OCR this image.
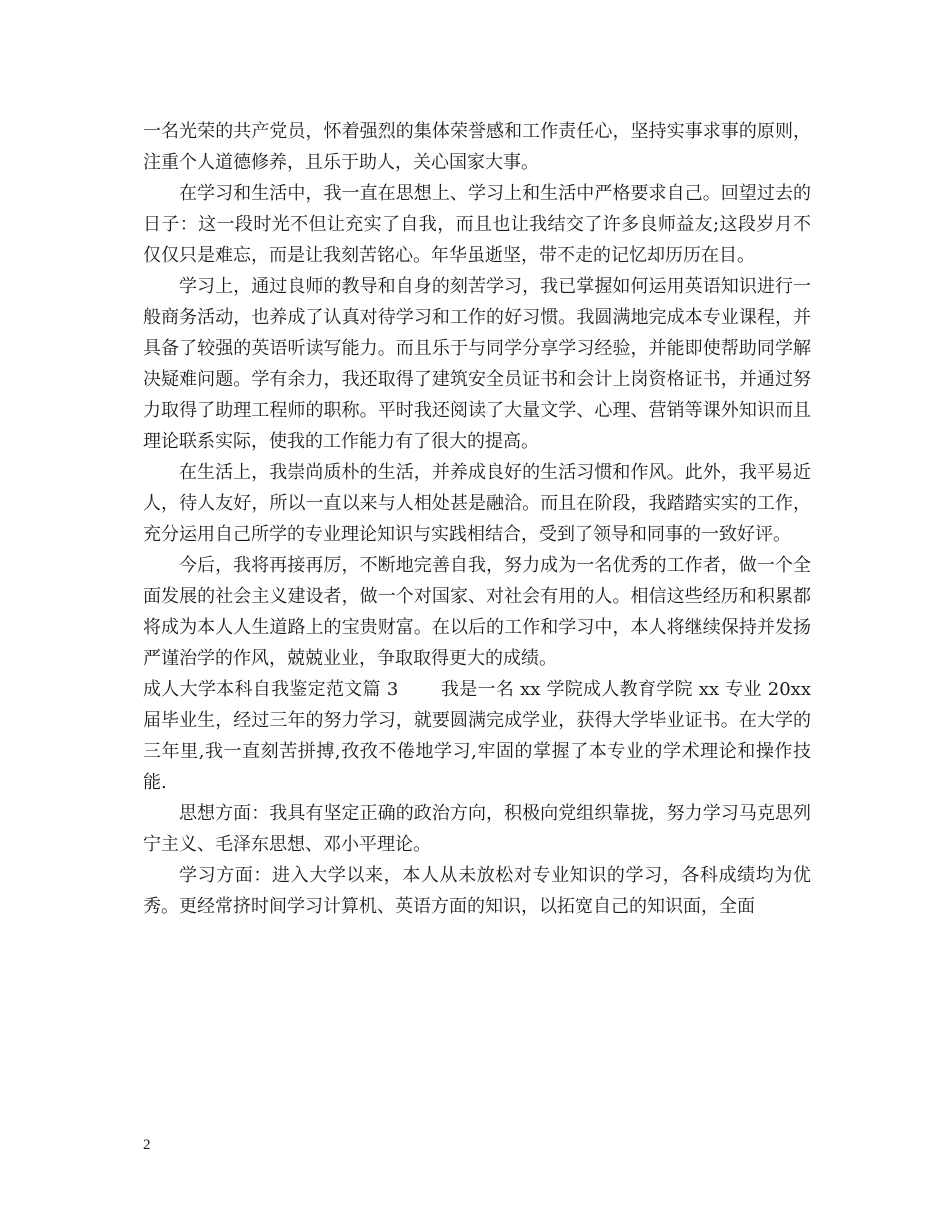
一名光荣的共产党员，怀着强烈的集体荣誉感和工作责任心，坚持实事求事的原则，注重个人道德修养，且乐于助人，关心国家大事。

在学习和生活中，我一直在思想上、学习上和生活中严格要求自己。回望过去的日子：这一段时光不但让充实了自我，而且也让我结交了许多良师益友;这段岁月不仅仅只是难忘，而是让我刻苦铭心。年华虽逝坚，带不走的记忆却历历在目。

学习上，通过良师的教导和自身的刻苦学习，我已掌握如何运用英语知识进行一般商务活动，也养成了认真对待学习和工作的好习惯。我圆满地完成本专业课程，并具备了较强的英语听读写能力。而且乐于与同学分享学习经验，并能即使帮助同学解决疑难问题。学有余力，我还取得了建筑安全员证书和会计上岗资格证书，并通过努力取得了助理工程师的职称。平时我还阅读了大量文学、心理、营销等课外知识而且理论联系实际，使我的工作能力有了很大的提高。

在生活上，我崇尚质朴的生活，并养成良好的生活习惯和作风。此外，我平易近人，待人友好，所以一直以来与人相处甚是融洽。而且在阶段，我踏踏实实的工作，充分运用自己所学的专业理论知识与实践相结合，受到了领导和同事的一致好评。

今后，我将再接再厉，不断地完善自我，努力成为一名优秀的工作者，做一个全面发展的社会主义建设者，做一个对国家、对社会有用的人。相信这些经历和积累都将成为本人人生道路上的宝贵财富。在以后的工作和学习中，本人将继续保持并发扬严谨治学的作风，兢兢业业，争取取得更大的成绩。

成人大学本科自我鉴定范文篇 3 　　我是一名 xx 学院成人教育学院 xx 专业 20xx 届毕业生，经过三年的努力学习，就要圆满完成学业，获得大学毕业证书。在大学的三年里,我一直刻苦拼搏,孜孜不倦地学习,牢固的掌握了本专业的学术理论和操作技能.

思想方面：我具有坚定正确的政治方向，积极向党组织靠拢，努力学习马克思列宁主义、毛泽东思想、邓小平理论。

学习方面：进入大学以来，本人从未放松对专业知识的学习，各科成绩均为优秀。更经常挤时间学习计算机、英语方面的知识，以拓宽自己的知识面，全面

2
